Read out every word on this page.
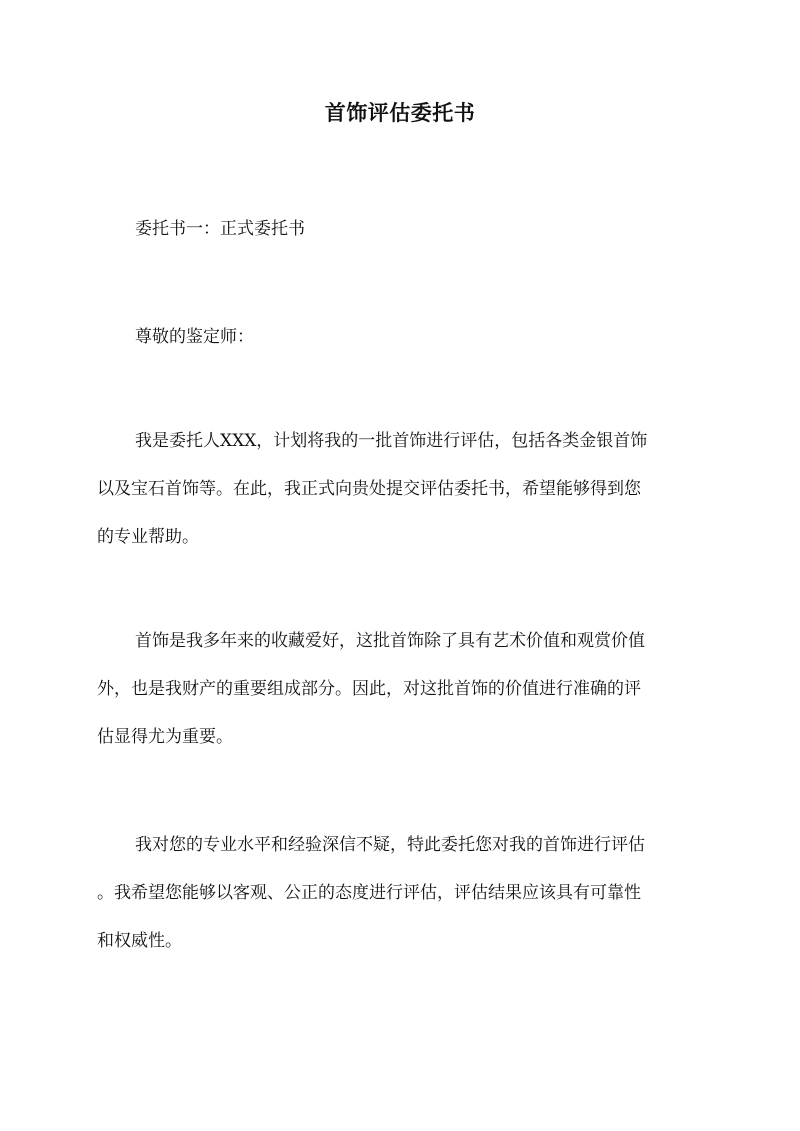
首饰评估委托书
委托书一：正式委托书
尊敬的鉴定师：
我是委托人XXX，计划将我的一批首饰进行评估，包括各类金银首饰
以及宝石首饰等。在此，我正式向贵处提交评估委托书，希望能够得到您
的专业帮助。
首饰是我多年来的收藏爱好，这批首饰除了具有艺术价值和观赏价值
外，也是我财产的重要组成部分。因此，对这批首饰的价值进行准确的评
估显得尤为重要。
我对您的专业水平和经验深信不疑，特此委托您对我的首饰进行评估
。我希望您能够以客观、公正的态度进行评估，评估结果应该具有可靠性
和权威性。
